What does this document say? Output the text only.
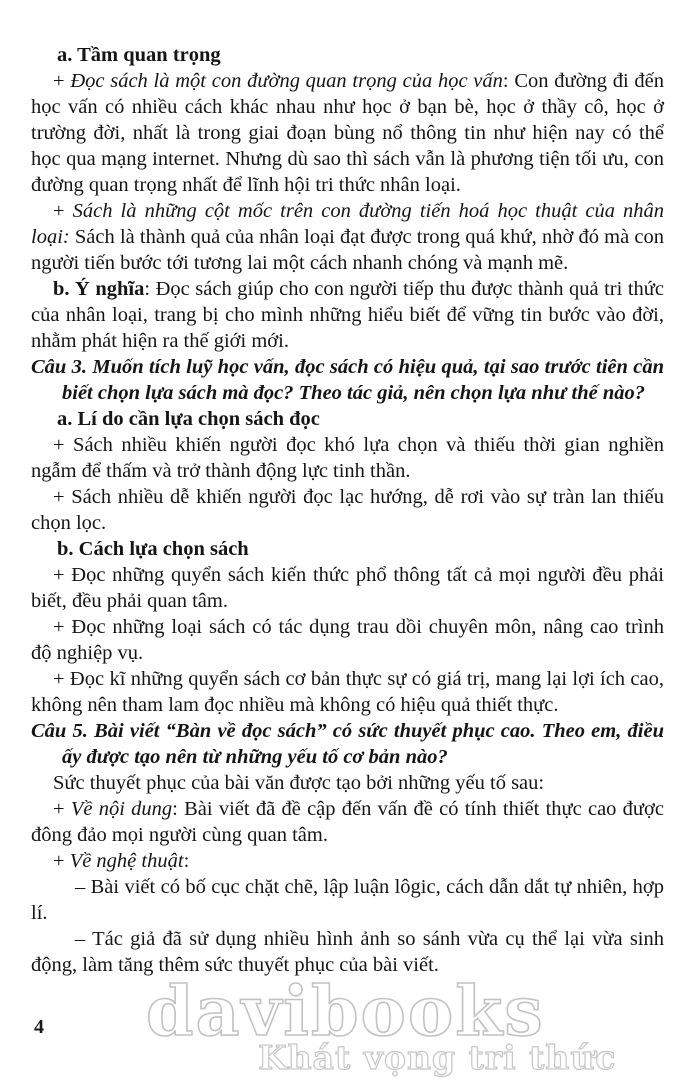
a. Tầm quan trọng

+ Đọc sách là một con đường quan trọng của học vấn: Con đường đi đến học vấn có nhiều cách khác nhau như học ở bạn bè, học ở thầy cô, học ở trường đời, nhất là trong giai đoạn bùng nổ thông tin như hiện nay có thể học qua mạng internet. Nhưng dù sao thì sách vẫn là phương tiện tối ưu, con đường quan trọng nhất để lĩnh hội tri thức nhân loại.

+ Sách là những cột mốc trên con đường tiến hoá học thuật của nhân loại: Sách là thành quả của nhân loại đạt được trong quá khứ, nhờ đó mà con người tiến bước tới tương lai một cách nhanh chóng và mạnh mẽ.

b. Ý nghĩa: Đọc sách giúp cho con người tiếp thu được thành quả tri thức của nhân loại, trang bị cho mình những hiểu biết để vững tin bước vào đời, nhằm phát hiện ra thế giới mới.

Câu 3. Muốn tích luỹ học vấn, đọc sách có hiệu quả, tại sao trước tiên cần biết chọn lựa sách mà đọc? Theo tác giả, nên chọn lựa như thế nào?

a. Lí do cần lựa chọn sách đọc

+ Sách nhiều khiến người đọc khó lựa chọn và thiếu thời gian nghiền ngẫm để thấm và trở thành động lực tinh thần.

+ Sách nhiều dễ khiến người đọc lạc hướng, dễ rơi vào sự tràn lan thiếu chọn lọc.

b. Cách lựa chọn sách

+ Đọc những quyển sách kiến thức phổ thông tất cả mọi người đều phải biết, đều phải quan tâm.

+ Đọc những loại sách có tác dụng trau dồi chuyên môn, nâng cao trình độ nghiệp vụ.

+ Đọc kĩ những quyển sách cơ bản thực sự có giá trị, mang lại lợi ích cao, không nên tham lam đọc nhiều mà không có hiệu quả thiết thực.

Câu 5. Bài viết “Bàn về đọc sách” có sức thuyết phục cao. Theo em, điều ấy được tạo nên từ những yếu tố cơ bản nào?

Sức thuyết phục của bài văn được tạo bởi những yếu tố sau:

+ Về nội dung: Bài viết đã đề cập đến vấn đề có tính thiết thực cao được đông đảo mọi người cùng quan tâm.

+ Về nghệ thuật:

– Bài viết có bố cục chặt chẽ, lập luận lôgic, cách dẫn dắt tự nhiên, hợp lí.

– Tác giả đã sử dụng nhiều hình ảnh so sánh vừa cụ thể lại vừa sinh động, làm tăng thêm sức thuyết phục của bài viết.

4 davibooks
Khát vọng tri thức
